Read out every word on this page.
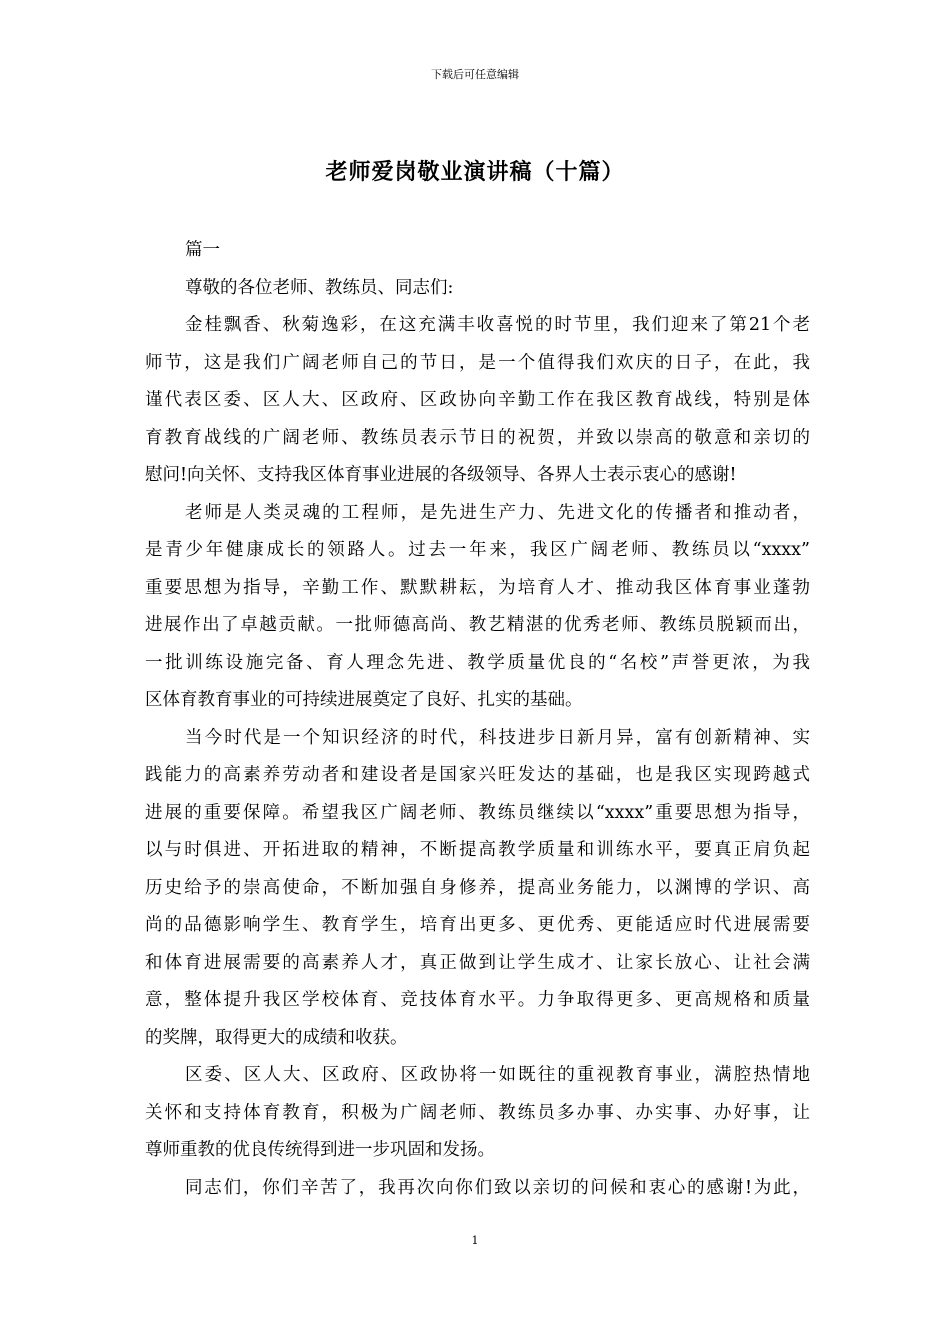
下载后可任意编辑
老师爱岗敬业演讲稿（十篇）
篇一
尊敬的各位老师、教练员、同志们:
金桂飘香、秋菊逸彩，在这充满丰收喜悦的时节里，我们迎来了第21个老
师节，这是我们广阔老师自己的节日，是一个值得我们欢庆的日子，在此，我
谨代表区委、区人大、区政府、区政协向辛勤工作在我区教育战线，特别是体
育教育战线的广阔老师、教练员表示节日的祝贺，并致以崇高的敬意和亲切的
慰问!向关怀、支持我区体育事业进展的各级领导、各界人士表示衷心的感谢!
老师是人类灵魂的工程师，是先进生产力、先进文化的传播者和推动者，
是青少年健康成长的领路人。过去一年来，我区广阔老师、教练员以“xxxx”
重要思想为指导，辛勤工作、默默耕耘，为培育人才、推动我区体育事业蓬勃
进展作出了卓越贡献。一批师德高尚、教艺精湛的优秀老师、教练员脱颖而出，
一批训练设施完备、育人理念先进、教学质量优良的“名校”声誉更浓，为我
区体育教育事业的可持续进展奠定了良好、扎实的基础。
当今时代是一个知识经济的时代，科技进步日新月异，富有创新精神、实
践能力的高素养劳动者和建设者是国家兴旺发达的基础，也是我区实现跨越式
进展的重要保障。希望我区广阔老师、教练员继续以“xxxx”重要思想为指导，
以与时俱进、开拓进取的精神，不断提高教学质量和训练水平，要真正肩负起
历史给予的崇高使命，不断加强自身修养，提高业务能力，以渊博的学识、高
尚的品德影响学生、教育学生，培育出更多、更优秀、更能适应时代进展需要
和体育进展需要的高素养人才，真正做到让学生成才、让家长放心、让社会满
意，整体提升我区学校体育、竞技体育水平。力争取得更多、更高规格和质量
的奖牌，取得更大的成绩和收获。
区委、区人大、区政府、区政协将一如既往的重视教育事业，满腔热情地
关怀和支持体育教育，积极为广阔老师、教练员多办事、办实事、办好事，让
尊师重教的优良传统得到进一步巩固和发扬。
同志们，你们辛苦了，我再次向你们致以亲切的问候和衷心的感谢!为此，
1
